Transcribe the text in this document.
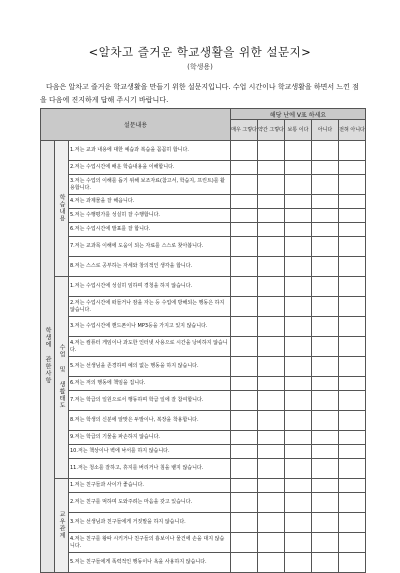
<알차고 즐거운 학교생활을 위한 설문지>
(학생용)
다음은 알차고 즐거운 학교생활을 만들기 위한 설문지입니다. 수업 시간이나 학교생활을 하면서 느낀 점을 다음에 진지하게 답해 주시기 바랍니다.
설문내용			해당 난에 V표 하세요				
			매우 그렇다	약간 그렇다	보통 이다	아니다	전혀 아니다
학생에 관한사항	학습내용	1.저는 교과 내용에 대한 예습과 복습을 꼼꼼히 합니다.					
		2.저는 수업시간에 배운 학습내용을 이해합니다.					
		3.저는 수업의 이해를 돕기 위해 보조자료(참고서, 학습지, 프린트)를 활용합니다.					
		4.저는 과제물을 잘 해옵니다.					
		5.저는 수행평가를 성실히 잘 수행합니다.					
		6.저는 수업시간에 발표를 잘 합니다.					
		7.저는 교과목 이해에 도움이 되는 자료를 스스로 찾아봅니다.					
		8.저는 스스로 공부하는 자세와 창의적인 생각을 합니다.					
	수업 및 생활태도	1.저는 수업시간에 성실히 임하며 경청을 하지 않습니다.					
		2.저는 수업시간에 떠들거나 잠을 자는 등 수업에 방해되는 행동은 하지 않습니다.					
		3.저는 수업시간에 핸드폰이나 MP3등을 가지고 있지 않습니다.					
		4.저는 컴퓨터 게임이나 과도한 인터넷 사용으로 시간을 낭비하지 않습니다.					
		5.저는 선생님을 존경하며 예의 없는 행동을 하지 않습니다.					
		6.저는 저의 행동에 책임을 집니다.					
		7.저는 학급의 일원으로서 행동하며 학급 일에 잘 참여합니다.					
		8.저는 학생의 신분에 알맞은 두발이나, 복장을 착용합니다.					
		9.저는 학급의 기물을 파손하지 않습니다.					
		10.저는 책상이나 벽에 낙서를 하지 않습니다.					
		11.저는 청소를 잘하고, 휴지를 버리거나 침을 뱉지 않습니다.					
	교우관계	1.저는 친구들과 사이가 좋습니다.					
		2.저는 친구를 먹하며 도와주려는 마음을 갖고 있습니다.					
		3.저는 선생님과 친구들에게 거짓말을 하지 않습니다.					
		4.저는 친구를 왕따 시키거나 친구들의 흉보이나 물건에 손을 대지 않습니다.					
		5.저는 친구들에게 폭력적인 행동이나 욕을 사용하지 않습니다.					
